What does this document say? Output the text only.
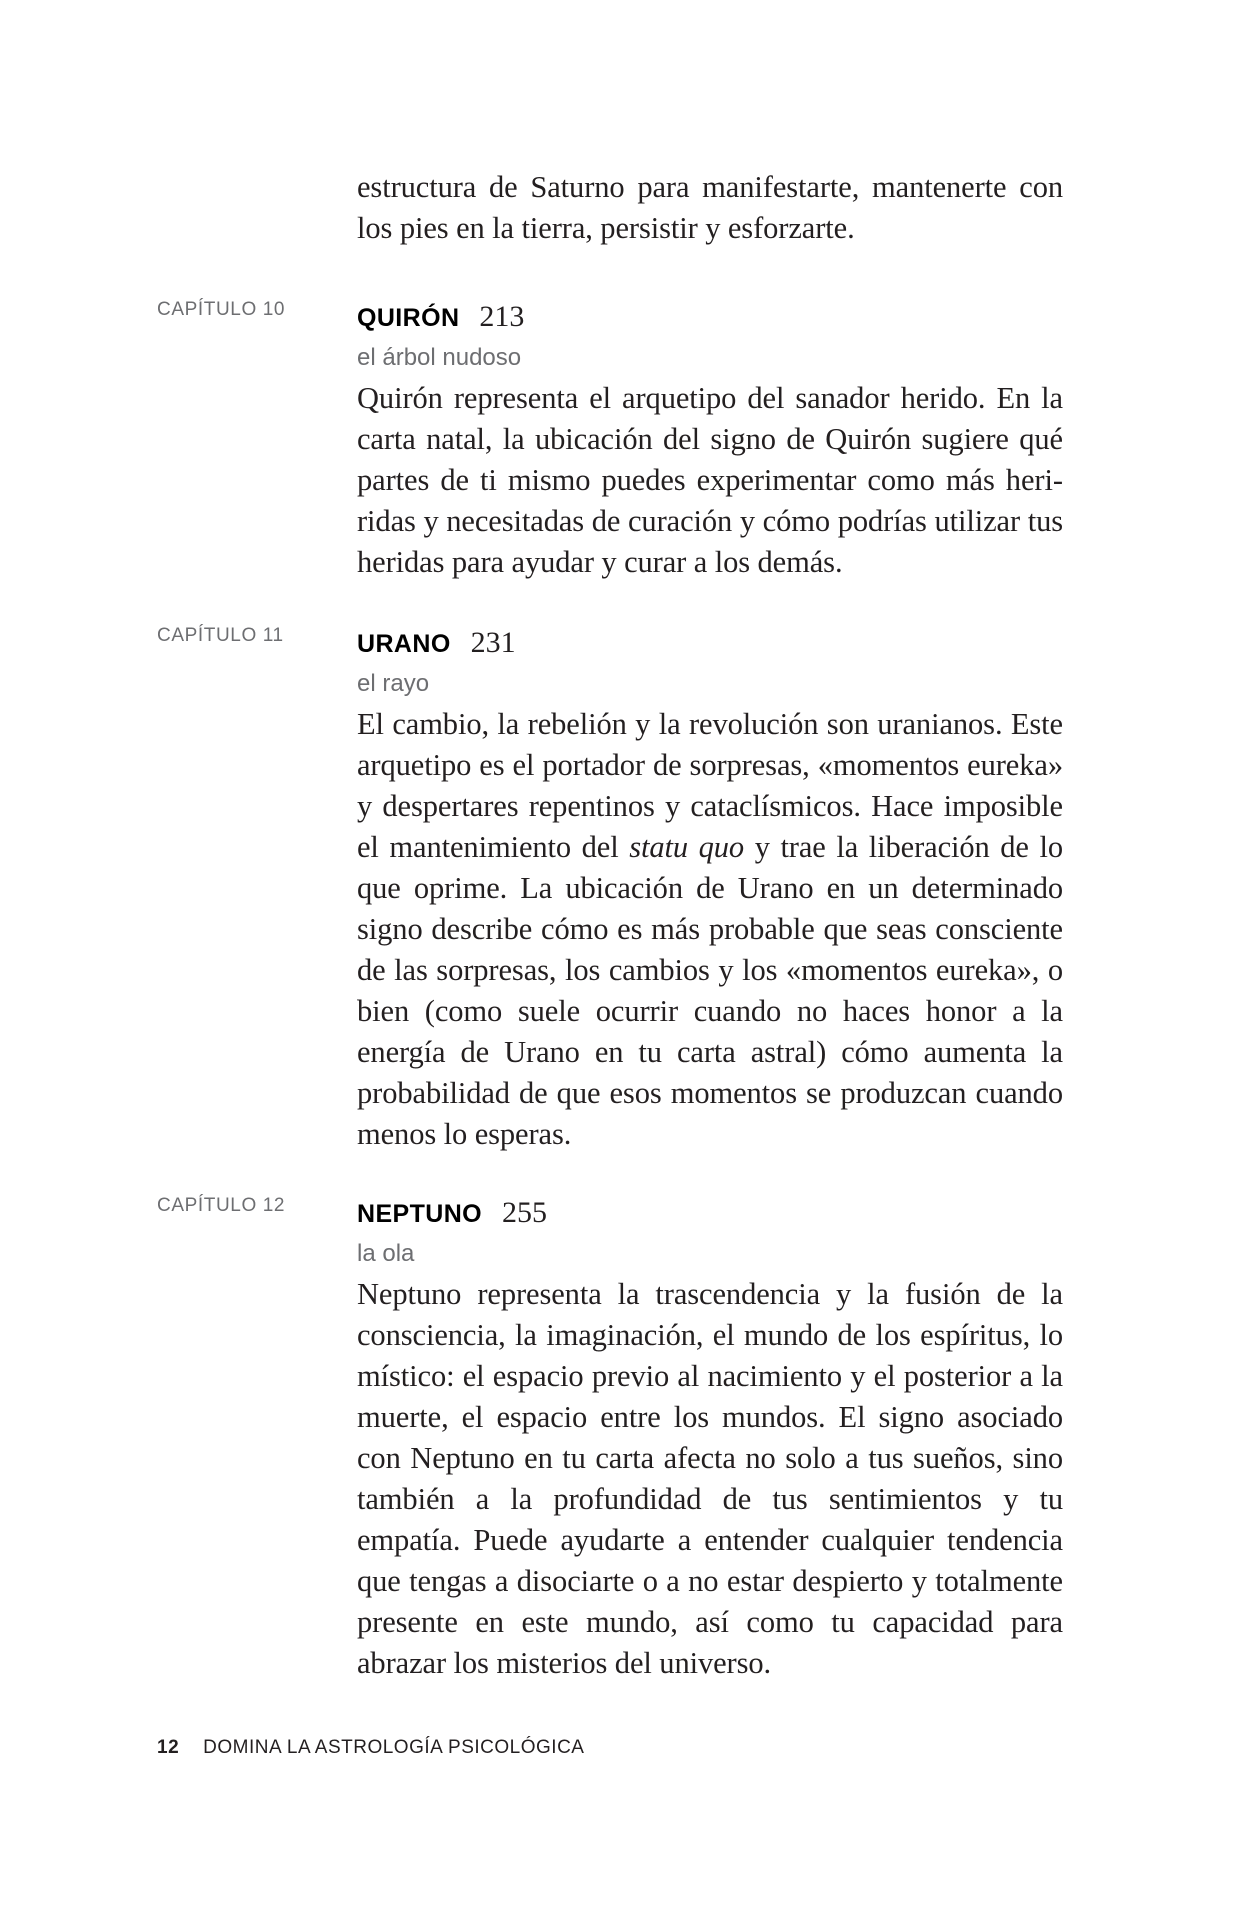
estructura de Saturno para manifestarte, mantenerte con los pies en la tierra, persistir y esforzarte.

CAPÍTULO 10	QUIRÓN 213
el árbol nudoso

Quirón representa el arquetipo del sanador herido. En la carta natal, la ubicación del signo de Quirón sugiere qué partes de ti mismo puedes experimentar como más heriridas y necesitadas de curación y cómo podrías utilizar tus heridas para ayudar y curar a los demás.

CAPÍTULO 11	URANO 231
el rayo

El cambio, la rebelión y la revolución son uranianos. Este arquetipo es el portador de sorpresas, «momentos eureka» y despertares repentinos y cataclísmicos. Hace imposible el mantenimiento del statu quo y trae la liberación de lo que oprime. La ubicación de Urano en un determinado signo describe cómo es más probable que seas consciente de las sorpresas, los cambios y los «momentos eureka», o bien (como suele ocurrir cuando no haces honor a la energía de Urano en tu carta astral) cómo aumenta la probabilidad de que esos momentos se produzcan cuando menos lo esperas.

CAPÍTULO 12	NEPTUNO 255
la ola

Neptuno representa la trascendencia y la fusión de la consciencia, la imaginación, el mundo de los espíritus, lo místico: el espacio previo al nacimiento y el posterior a la muerte, el espacio entre los mundos. El signo asociado con Neptuno en tu carta afecta no solo a tus sueños, sino también a la profundidad de tus sentimientos y tu empatía. Puede ayudarte a entender cualquier tendencia que tengas a disociarte o a no estar despierto y totalmente presente en este mundo, así como tu capacidad para abrazar los misterios del universo.

12 DOMINA LA ASTROLOGÍA PSICOLÓGICA
